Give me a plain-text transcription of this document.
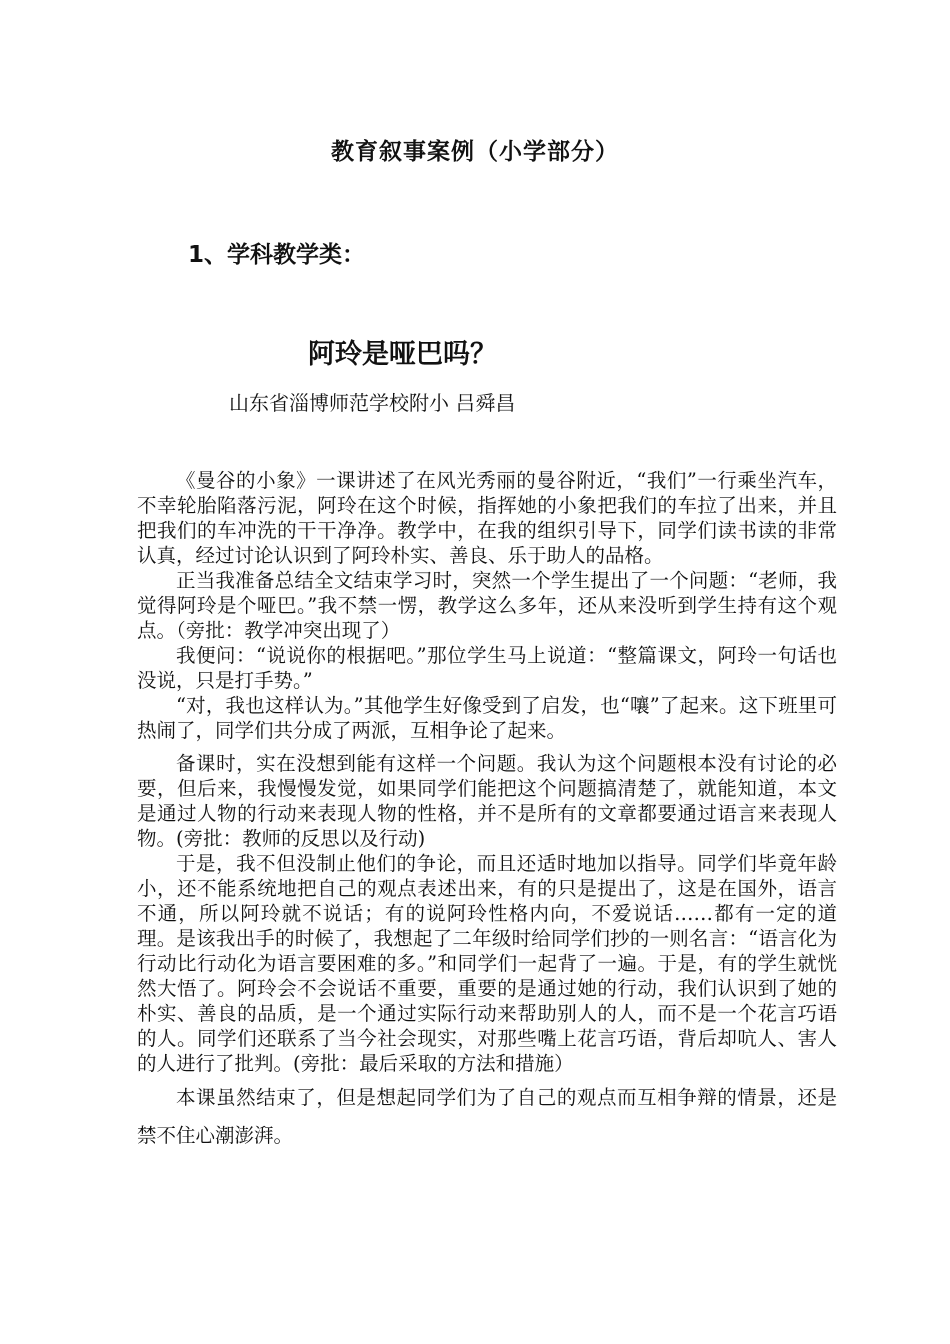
教育叙事案例（小学部分）
1、学科教学类：
阿玲是哑巴吗？
山东省淄博师范学校附小 吕舜昌

《曼谷的小象》一课讲述了在风光秀丽的曼谷附近，“我们”一行乘坐汽车，不幸轮胎陷落污泥，阿玲在这个时候，指挥她的小象把我们的车拉了出来，并且把我们的车冲洗的干干净净。教学中，在我的组织引导下，同学们读书读的非常认真，经过讨论认识到了阿玲朴实、善良、乐于助人的品格。

正当我准备总结全文结束学习时，突然一个学生提出了一个问题：“老师，我觉得阿玲是个哑巴。”我不禁一愣，教学这么多年，还从来没听到学生持有这个观点。（旁批：教学冲突出现了）

我便问：“说说你的根据吧。”那位学生马上说道：“整篇课文，阿玲一句话也没说，只是打手势。”

“对，我也这样认为。”其他学生好像受到了启发，也“嚷”了起来。这下班里可热闹了，同学们共分成了两派，互相争论了起来。

备课时，实在没想到能有这样一个问题。我认为这个问题根本没有讨论的必要，但后来，我慢慢发觉，如果同学们能把这个问题搞清楚了，就能知道，本文是通过人物的行动来表现人物的性格，并不是所有的文章都要通过语言来表现人物。(旁批：教师的反思以及行动)

于是，我不但没制止他们的争论，而且还适时地加以指导。同学们毕竟年龄小，还不能系统地把自己的观点表述出来，有的只是提出了，这是在国外，语言不通，所以阿玲就不说话；有的说阿玲性格内向，不爱说话……都有一定的道理。是该我出手的时候了，我想起了二年级时给同学们抄的一则名言：“语言化为行动比行动化为语言要困难的多。”和同学们一起背了一遍。于是，有的学生就恍然大悟了。阿玲会不会说话不重要，重要的是通过她的行动，我们认识到了她的朴实、善良的品质，是一个通过实际行动来帮助别人的人，而不是一个花言巧语的人。同学们还联系了当今社会现实，对那些嘴上花言巧语，背后却吭人、害人的人进行了批判。(旁批：最后采取的方法和措施）

本课虽然结束了，但是想起同学们为了自己的观点而互相争辩的情景，还是禁不住心潮澎湃。
